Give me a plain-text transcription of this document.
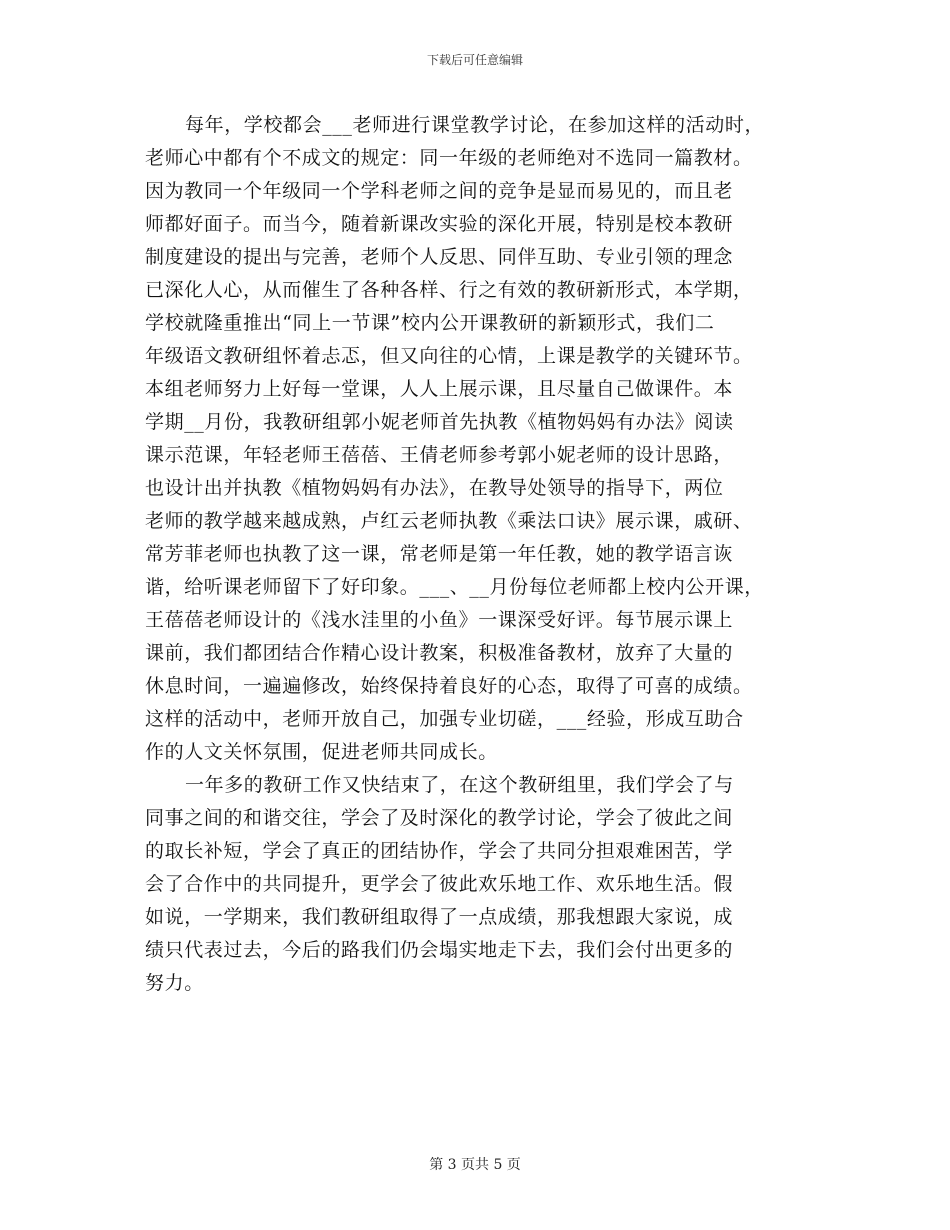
下载后可任意编辑
每年，学校都会___老师进行课堂教学讨论，在参加这样的活动时，
老师心中都有个不成文的规定：同一年级的老师绝对不选同一篇教材。
因为教同一个年级同一个学科老师之间的竞争是显而易见的，而且老
师都好面子。而当今，随着新课改实验的深化开展，特别是校本教研
制度建设的提出与完善，老师个人反思、同伴互助、专业引领的理念
已深化人心，从而催生了各种各样、行之有效的教研新形式，本学期，
学校就隆重推出“同上一节课”校内公开课教研的新颖形式，我们二
年级语文教研组怀着忐忑，但又向往的心情，上课是教学的关键环节。
本组老师努力上好每一堂课，人人上展示课，且尽量自己做课件。本
学期__月份，我教研组郭小妮老师首先执教《植物妈妈有办法》阅读
课示范课，年轻老师王蓓蓓、王倩老师参考郭小妮老师的设计思路，
也设计出并执教《植物妈妈有办法》，在教导处领导的指导下，两位
老师的教学越来越成熟，卢红云老师执教《乘法口诀》展示课，戚研、
常芳菲老师也执教了这一课，常老师是第一年任教，她的教学语言诙
谐，给听课老师留下了好印象。___、__月份每位老师都上校内公开课，
王蓓蓓老师设计的《浅水洼里的小鱼》一课深受好评。每节展示课上
课前，我们都团结合作精心设计教案，积极准备教材，放弃了大量的
休息时间，一遍遍修改，始终保持着良好的心态，取得了可喜的成绩。
这样的活动中，老师开放自己，加强专业切磋，___经验，形成互助合
作的人文关怀氛围，促进老师共同成长。
一年多的教研工作又快结束了，在这个教研组里，我们学会了与
同事之间的和谐交往，学会了及时深化的教学讨论，学会了彼此之间
的取长补短，学会了真正的团结协作，学会了共同分担艰难困苦，学
会了合作中的共同提升，更学会了彼此欢乐地工作、欢乐地生活。假
如说，一学期来，我们教研组取得了一点成绩，那我想跟大家说，成
绩只代表过去，今后的路我们仍会塌实地走下去，我们会付出更多的
努力。
第 3 页共 5 页
